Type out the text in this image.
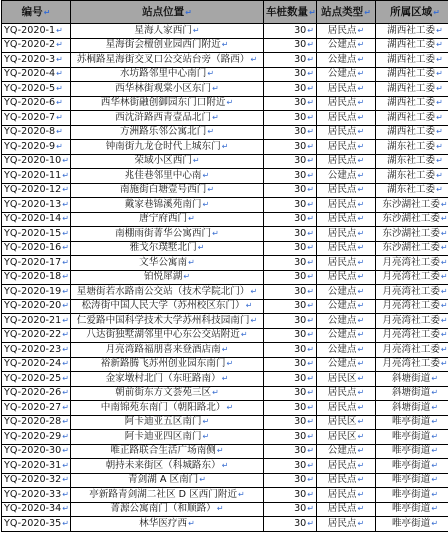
编号 ↵	站点位置 ↵	车桩数量 ↵	站点类型 ↵	所属区域 ↵
YQ-2020-1 ↵	星海人家西门 ↵	30 ↵	居民点 ↵	湖西社工委 ↵
YQ-2020-2 ↵	星海街会檀创业园西门附近 ↵	30 ↵	公建点 ↵	湖西社工委 ↵
YQ-2020-3 ↵	苏桐路星海街交叉口公交站台旁（路西） ↵	30 ↵	公建点 ↵	湖西社工委 ↵
YQ-2020-4 ↵	水坊路邻里中心南门 ↵	30 ↵	公建点 ↵	湖西社工委 ↵
YQ-2020-5 ↵	西华林街观棠小区东门 ↵	30 ↵	居民点 ↵	湖西社工委 ↵
YQ-2020-6 ↵	西华林街融创御园东门口附近 ↵	30 ↵	居民点 ↵	湖西社工委 ↵
YQ-2020-7 ↵	西沈浒路西青壹品北门 ↵	30 ↵	居民点 ↵	湖西社工委 ↵
YQ-2020-8 ↵	方洲路乐邻公寓北门 ↵	30 ↵	居民点 ↵	湖西社工委 ↵
YQ-2020-9 ↵	钟南街九龙仓时代上城东门 ↵	30 ↵	居民点 ↵	湖东社工委 ↵
YQ-2020-10 ↵	荣域小区西门 ↵	30 ↵	居民点 ↵	湖东社工委 ↵
YQ-2020-11 ↵	兆佳巷邻里中心南 ↵	30 ↵	公建点 ↵	湖东社工委 ↵
YQ-2020-12 ↵	南施街白塘壹号西门 ↵	30 ↵	居民点 ↵	湖东社工委 ↵
YQ-2020-13 ↵	戴家巷锦溪苑南门 ↵	30 ↵	居民点 ↵	东沙湖社工委 ↵
YQ-2020-14 ↵	唐宁府西门 ↵	30 ↵	居民点 ↵	东沙湖社工委 ↵
YQ-2020-15 ↵	南棚雨街菁华公寓西门 ↵	30 ↵	居民点 ↵	东沙湖社工委 ↵
YQ-2020-16 ↵	雅戈尔璞墅北门 ↵	30 ↵	居民点 ↵	东沙湖社工委 ↵
YQ-2020-17 ↵	文华公寓南 ↵	30 ↵	居民点 ↵	月亮湾社工委 ↵
YQ-2020-18 ↵	铂悦犀湖 ↵	30 ↵	居民点 ↵	月亮湾社工委 ↵
YQ-2020-19 ↵	星塘街若水路南公交站（技术学院北门） ↵	30 ↵	公建点 ↵	月亮湾社工委 ↵
YQ-2020-20 ↵	松涛街中国人民大学（苏州校区东门） ↵	30 ↵	公建点 ↵	月亮湾社工委 ↵
YQ-2020-21 ↵	仁爱路中国科学技术大学苏州科技园南门 ↵	30 ↵	公建点 ↵	月亮湾社工委 ↵
YQ-2020-22 ↵	八达街独墅湖邻里中心东公交站附近 ↵	30 ↵	公建点 ↵	月亮湾社工委 ↵
YQ-2020-23 ↵	月亮湾路福朋喜来登酒店南 ↵	30 ↵	公建点 ↵	月亮湾社工委 ↵
YQ-2020-24 ↵	裕新路腾飞苏州创业园东南门 ↵	30 ↵	公建点 ↵	月亮湾社工委 ↵
YQ-2020-25 ↵	金家墩村北门（东旺路南） ↵	30 ↵	居民区 ↵	斜塘街道 ↵
YQ-2020-26 ↵	朝前街东方文荟苑三区 ↵	30 ↵	居民点 ↵	斜塘街道 ↵
YQ-2020-27 ↵	中南锦苑东南门（朝阳路北） ↵	30 ↵	居民点 ↵	斜塘街道 ↵
YQ-2020-28 ↵	阿卡迪亚五区南门 ↵	30 ↵	居民区 ↵	唯亭街道 ↵
YQ-2020-29 ↵	阿卡迪亚四区南门 ↵	30 ↵	居民区 ↵	唯亭街道 ↵
YQ-2020-30 ↵	唯正路联合生活广场南侧 ↵	30 ↵	公建点 ↵	唯亭街道 ↵
YQ-2020-31 ↵	朝持未来街区（科城路东） ↵	30 ↵	居民点 ↵	唯亭街道 ↵
YQ-2020-32 ↵	青剑湖 A 区南门 ↵	30 ↵	居民点 ↵	唯亭街道 ↵
YQ-2020-33 ↵	亭新路青剑湖二社区 D 区西门附近 ↵	30 ↵	居民点 ↵	唯亭街道 ↵
YQ-2020-34 ↵	菁源公寓南门（和顺路） ↵	30 ↵	居民点 ↵	唯亭街道 ↵
YQ-2020-35 ↵	林华医疗西 ↵	30 ↵	居民点 ↵	唯亭街道 ↵
